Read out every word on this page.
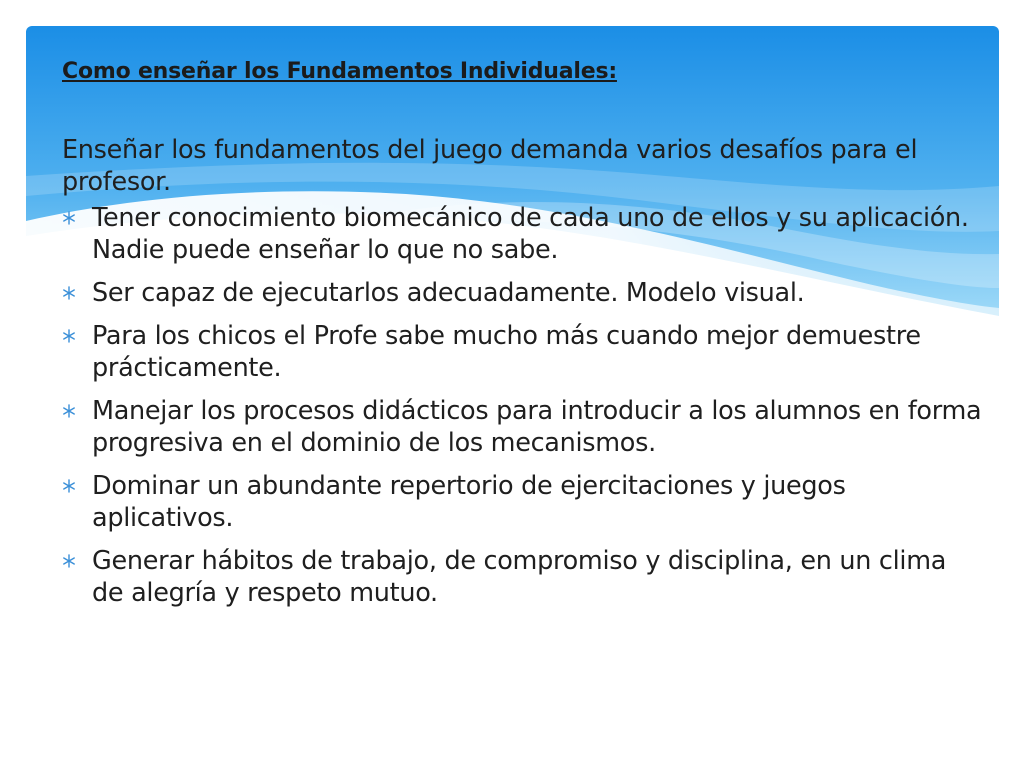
Como enseñar los Fundamentos Individuales:

Enseñar los fundamentos del juego demanda varios desafíos para el profesor.

Tener conocimiento biomecánico de cada uno de ellos y su aplicación. Nadie puede enseñar lo que no sabe.
Ser capaz de ejecutarlos adecuadamente. Modelo visual.
Para los chicos el Profe sabe mucho más cuando mejor demuestre prácticamente.
Manejar los procesos didácticos para introducir a los alumnos en forma progresiva en el dominio de los mecanismos.
Dominar un abundante repertorio de ejercitaciones y juegos aplicativos.
Generar hábitos de trabajo, de compromiso y disciplina, en un clima de alegría y respeto mutuo.
